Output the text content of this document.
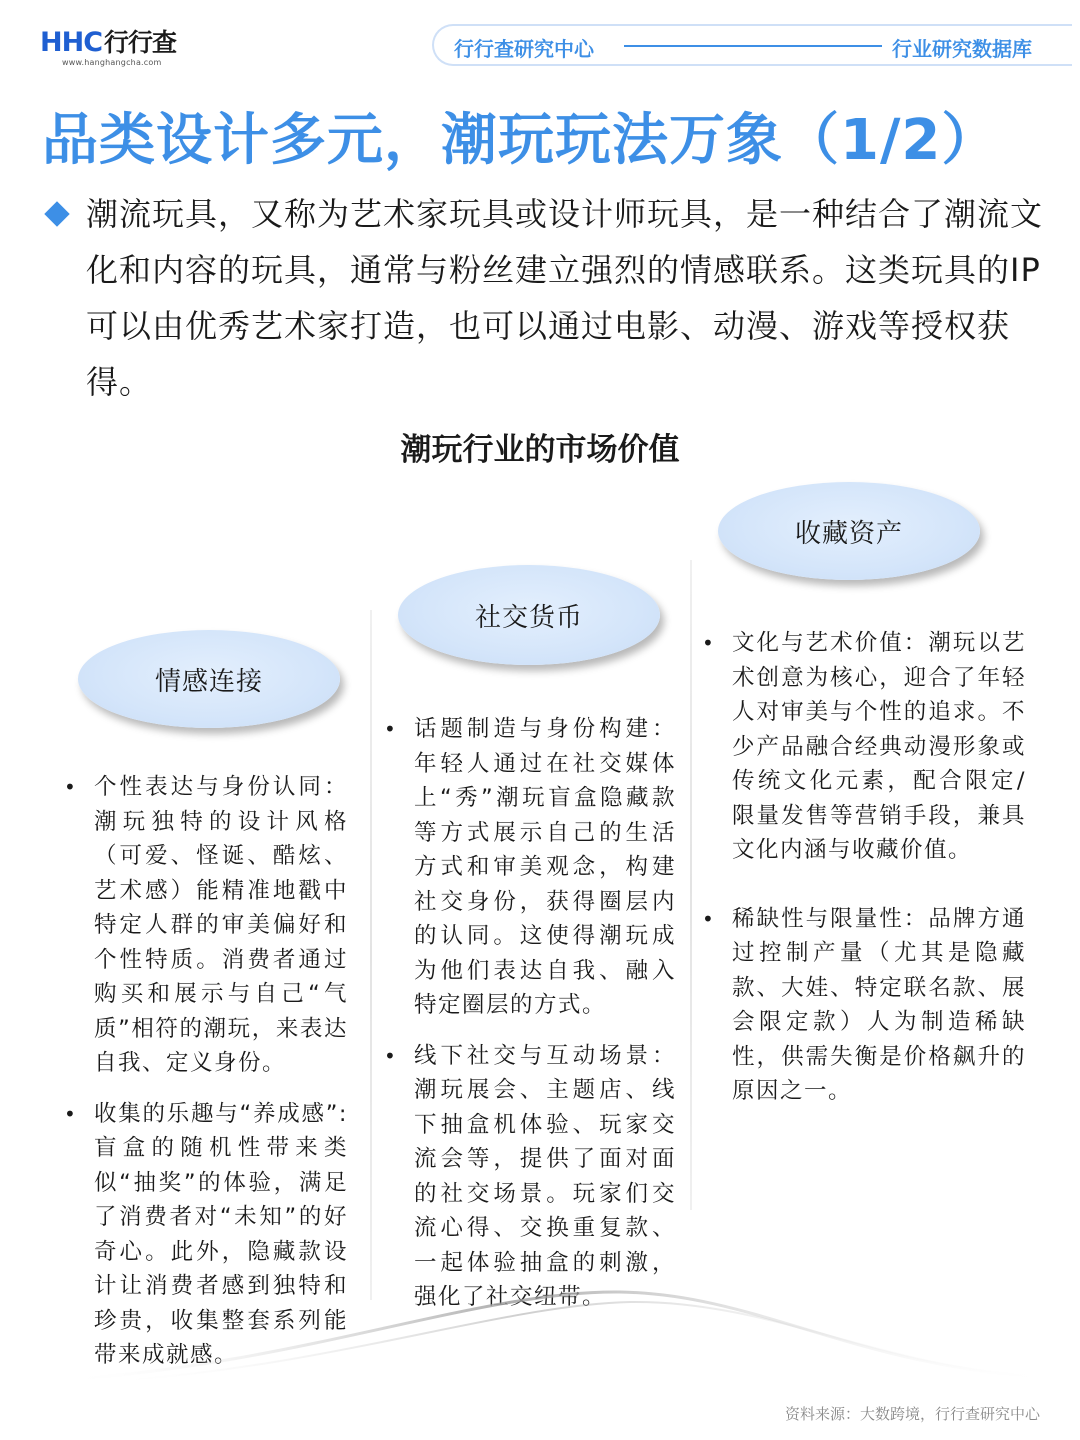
HHC 行行查
www.hanghangcha.com
行行查研究中心	行业研究数据库
品类设计多元，潮玩玩法万象（1/2）
潮流玩具，又称为艺术家玩具或设计师玩具，是一种结合了潮流文化和内容的玩具，通常与粉丝建立强烈的情感联系。这类玩具的IP可以由优秀艺术家打造，也可以通过电影、动漫、游戏等授权获得。
潮玩行业的市场价值
情感连接
• 个性表达与身份认同：潮玩独特的设计风格（可爱、怪诞、酷炫、艺术感）能精准地戳中特定人群的审美偏好和个性特质。消费者通过购买和展示与自己“气质”相符的潮玩，来表达自我、定义身份。
• 收集的乐趣与“养成感”:盲盒的随机性带来类似“抽奖”的体验，满足了消费者对“未知”的好奇心。此外，隐藏款设计让消费者感到独特和珍贵，收集整套系列能带来成就感。
社交货币
• 话题制造与身份构建：年轻人通过在社交媒体上“秀”潮玩盲盒隐藏款等方式展示自己的生活方式和审美观念，构建社交身份，获得圈层内的认同。这使得潮玩成为他们表达自我、融入特定圈层的方式。
• 线下社交与互动场景：潮玩展会、主题店、线下抽盒机体验、玩家交流会等，提供了面对面的社交场景。玩家们交流心得、交换重复款、一起体验抽盒的刺激，强化了社交纽带。
收藏资产
• 文化与艺术价值：潮玩以艺术创意为核心，迎合了年轻人对审美与个性的追求。不少产品融合经典动漫形象或传统文化元素，配合限定/限量发售等营销手段，兼具文化内涵与收藏价值。
• 稀缺性与限量性：品牌方通过控制产量（尤其是隐藏款、大娃、特定联名款、展会限定款）人为制造稀缺性，供需失衡是价格飙升的原因之一。
资料来源：大数跨境，行行查研究中心
